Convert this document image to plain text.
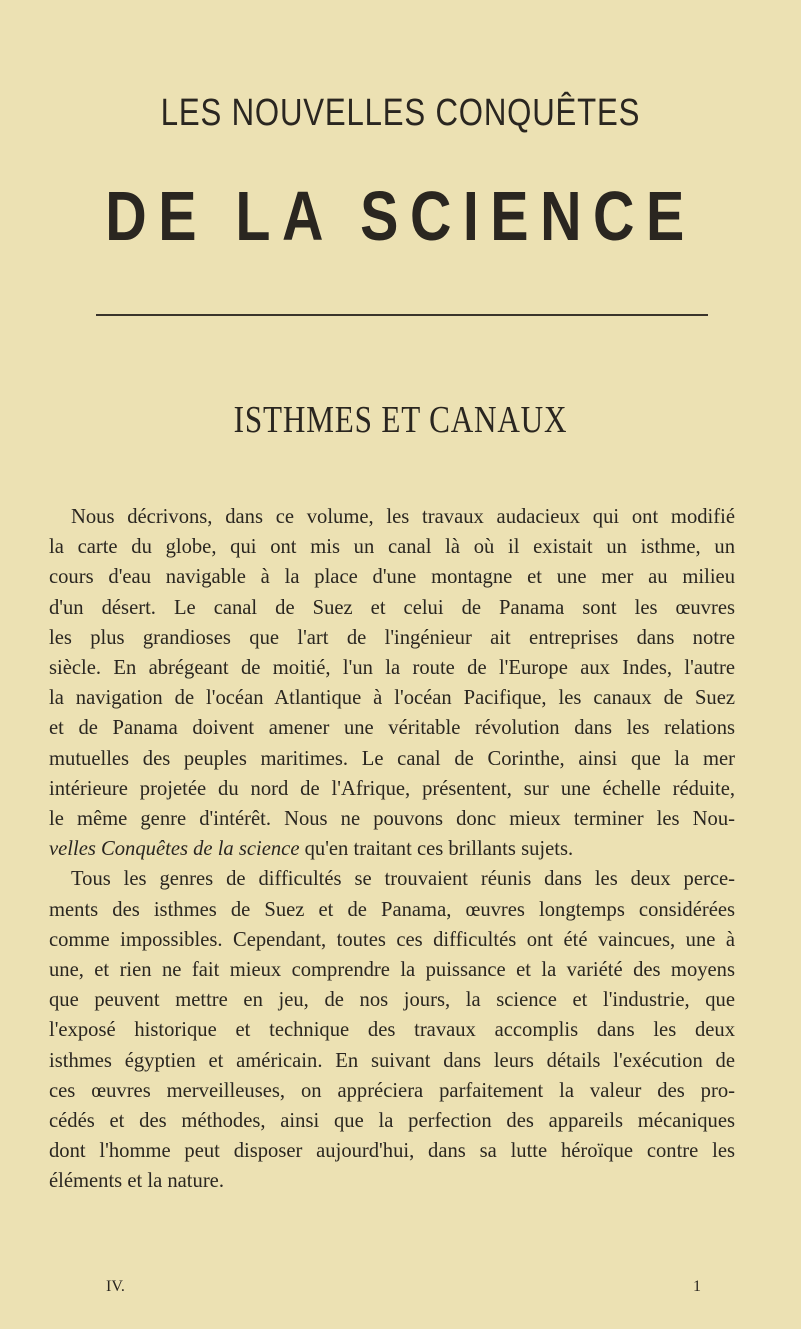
LES NOUVELLES CONQUÊTES
DE LA SCIENCE
ISTHMES ET CANAUX
Nous décrivons, dans ce volume, les travaux audacieux qui ont modifié
la carte du globe, qui ont mis un canal là où il existait un isthme, un
cours d'eau navigable à la place d'une montagne et une mer au milieu
d'un désert. Le canal de Suez et celui de Panama sont les œuvres
les plus grandioses que l'art de l'ingénieur ait entreprises dans notre
siècle. En abrégeant de moitié, l'un la route de l'Europe aux Indes, l'autre
la navigation de l'océan Atlantique à l'océan Pacifique, les canaux de Suez
et de Panama doivent amener une véritable révolution dans les relations
mutuelles des peuples maritimes. Le canal de Corinthe, ainsi que la mer
intérieure projetée du nord de l'Afrique, présentent, sur une échelle réduite,
le même genre d'intérêt. Nous ne pouvons donc mieux terminer les Nou-
velles Conquêtes de la science qu'en traitant ces brillants sujets.
Tous les genres de difficultés se trouvaient réunis dans les deux perce-
ments des isthmes de Suez et de Panama, œuvres longtemps considérées
comme impossibles. Cependant, toutes ces difficultés ont été vaincues, une à
une, et rien ne fait mieux comprendre la puissance et la variété des moyens
que peuvent mettre en jeu, de nos jours, la science et l'industrie, que
l'exposé historique et technique des travaux accomplis dans les deux
isthmes égyptien et américain. En suivant dans leurs détails l'exécution de
ces œuvres merveilleuses, on appréciera parfaitement la valeur des pro-
cédés et des méthodes, ainsi que la perfection des appareils mécaniques
dont l'homme peut disposer aujourd'hui, dans sa lutte héroïque contre les
éléments et la nature.
IV.	1
